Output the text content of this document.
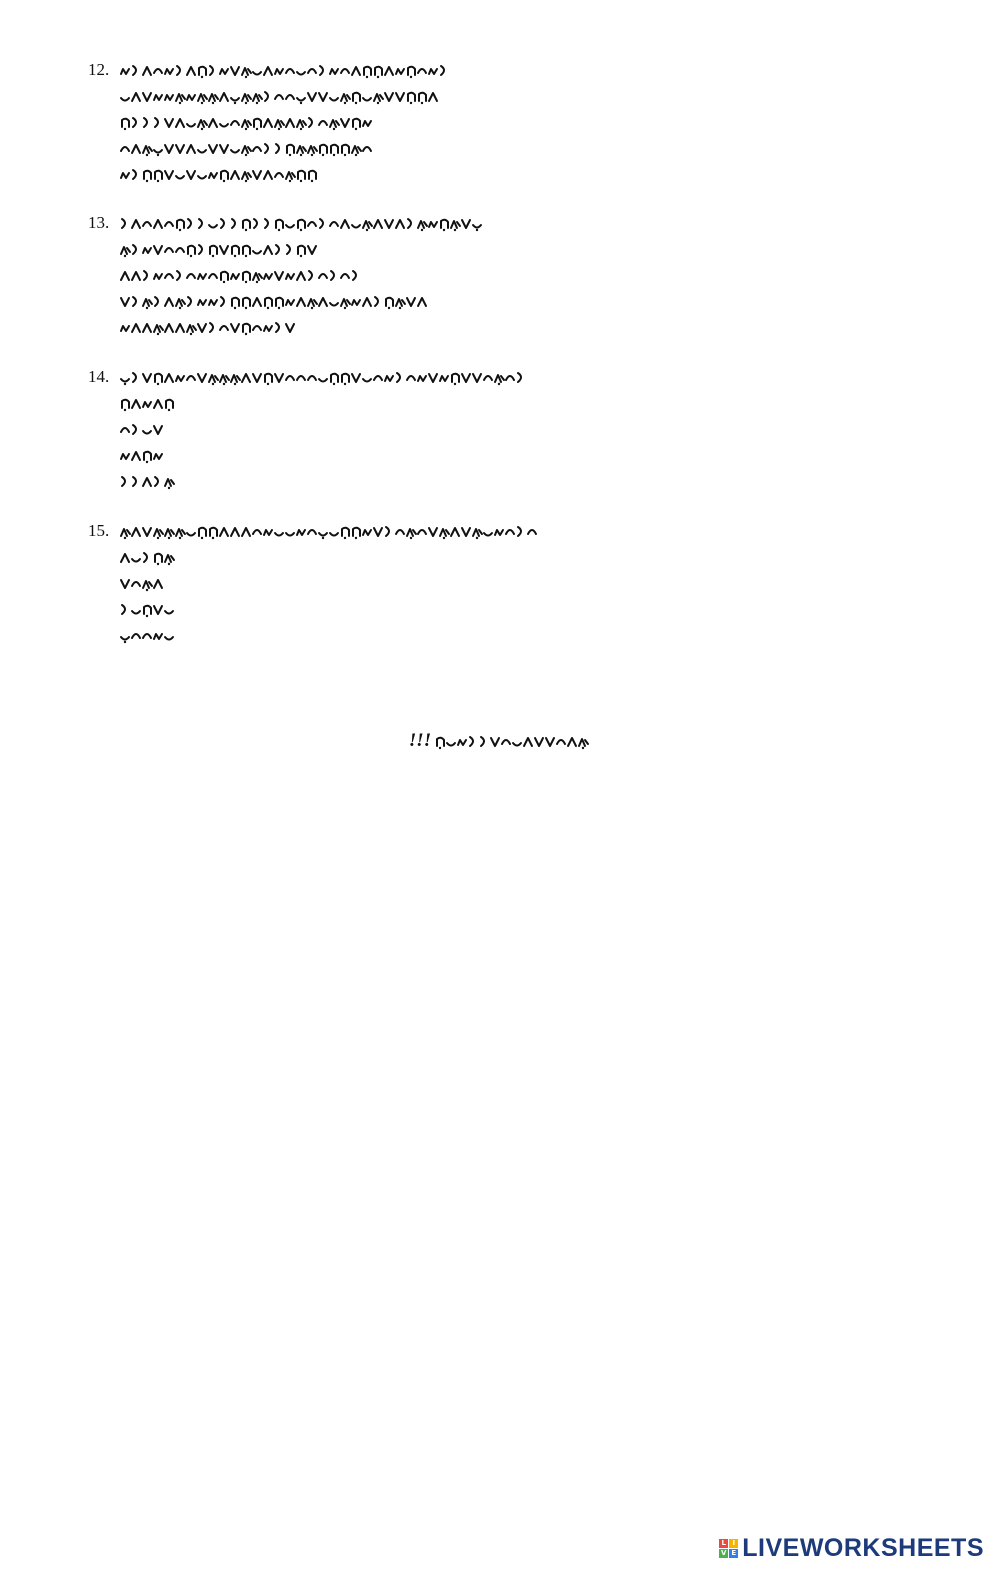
12.
13.
14.
15.
!!!
L I
V E LIVEWORKSHEETS
